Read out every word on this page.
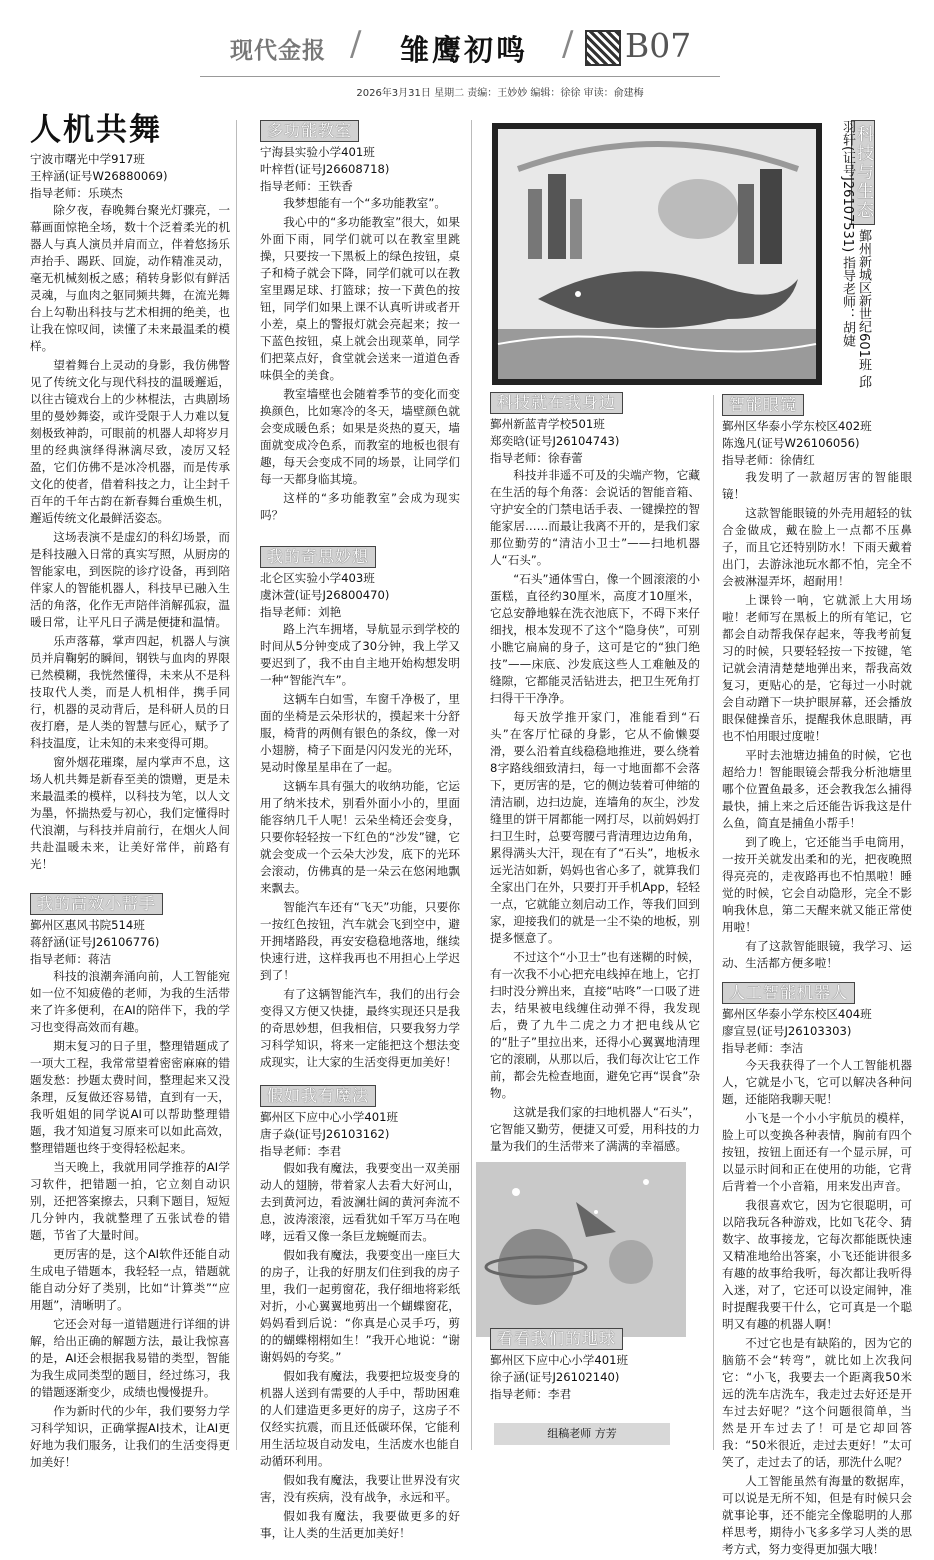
现代金报 / 雏鹰初鸣 / B07
2026年3月31日 星期二 责编：王妙妙 编辑：徐徐 审读：俞建梅
人机共舞
宁波市曙光中学917班
王梓涵(证号W26880069)
指导老师：乐瑛杰

除夕夜，春晚舞台聚光灯骤亮，一幕画面惊艳全场，数十个泛着柔光的机器人与真人演员并肩而立，伴着悠扬乐声抬手、踢跃、回旋，动作精准灵动，毫无机械刻板之感；稍转身影似有鲜活灵魂，与血肉之躯同频共舞，在流光舞台上勾勒出科技与艺术相拥的绝美，也让我在惊叹间，读懂了未来最温柔的模样。

望着舞台上灵动的身影，我仿佛瞥见了传统文化与现代科技的温暖邂逅，以往古镜戏台上的少林棍法，古典剧场里的曼妙舞姿，或许受限于人力难以复刻极致神韵，可眼前的机器人却将岁月里的经典演绎得淋漓尽致，凌厉又轻盈，它们仿佛不是冰冷机器，而是传承文化的使者，借着科技之力，让尘封千百年的千年古韵在新春舞台重焕生机，邂逅传统文化最鲜活姿态。

这场表演不是虚幻的科幻场景，而是科技融入日常的真实写照，从厨房的智能家电，到医院的诊疗设备，再到陪伴家人的智能机器人，科技早已融入生活的角落，化作无声陪伴消解孤寂，温暖日常，让平凡日子满是便捷和温情。

乐声落幕，掌声四起，机器人与演员并肩鞠躬的瞬间，钢铁与血肉的界限已然模糊，我恍然懂得，未来从不是科技取代人类，而是人机相伴，携手同行，机器的灵动背后，是科研人员的日夜打磨，是人类的智慧与匠心，赋予了科技温度，让未知的未来变得可期。

窗外烟花璀璨，屋内掌声不息，这场人机共舞是新春至美的馈赠，更是未来最温柔的模样，以科技为笔，以人文为墨，怀揣热爱与初心，我们定懂得时代浪潮，与科技并肩前行，在烟火人间共赴温暖未来，让美好常伴，前路有光！

我的高效小帮手
鄞州区惠风书院514班
蒋舒涵(证号J26106776)
指导老师：蒋洁

科技的浪潮奔涌向前，人工智能宛如一位不知疲倦的老师，为我的生活带来了许多便利，在AI的陪伴下，我的学习也变得高效而有趣。

期末复习的日子里，整理错题成了一项大工程，我常常望着密密麻麻的错题发愁：抄题太费时间，整理起来又没条理，反复做还容易错，直到有一天，我听姐姐的同学说AI可以帮助整理错题，我才知道复习原来可以如此高效，整理错题也终于变得轻松起来。

当天晚上，我就用同学推荐的AI学习软件，把错题一拍，它立刻自动识别，还把答案擦去，只剩下题目，短短几分钟内，我就整理了五张试卷的错题，节省了大量时间。

更厉害的是，这个AI软件还能自动生成电子错题本，我轻轻一点，错题就能自动分好了类别，比如“计算类”“应用题”，清晰明了。

它还会对每一道错题进行详细的讲解，给出正确的解题方法，最让我惊喜的是，AI还会根据我易错的类型，智能为我生成同类型的题目，经过练习，我的错题逐渐变少，成绩也慢慢提升。

作为新时代的少年，我们要努力学习科学知识，正确掌握AI技术，让AI更好地为我们服务，让我们的生活变得更加美好！

多功能教室
宁海县实验小学401班
叶梓哲(证号J26608718)
指导老师：王铁香

我梦想能有一个“多功能教室”。

我心中的“多功能教室”很大，如果外面下雨，同学们就可以在教室里跳操，只要按一下黑板上的绿色按钮，桌子和椅子就会下降，同学们就可以在教室里踢足球、打篮球；按一下黄色的按钮，同学们如果上课不认真听讲或者开小差，桌上的警报灯就会亮起来；按一下蓝色按钮，桌上就会出现菜单，同学们把菜点好，食堂就会送来一道道色香味俱全的美食。

教室墙壁也会随着季节的变化而变换颜色，比如寒冷的冬天，墙壁颜色就会变成暖色系；如果是炎热的夏天，墙面就变成冷色系，而教室的地板也很有趣，每天会变成不同的场景，让同学们每一天都身临其境。

这样的“多功能教室”会成为现实吗？

我的奇思妙想
北仑区实验小学403班
虞沐萱(证号J26800470)
指导老师：刘艳

路上汽车拥堵，导航显示到学校的时间从5分钟变成了30分钟，我上学又要迟到了，我不由自主地开始构想发明一种“智能汽车”。

这辆车白如雪，车窗千净极了，里面的坐椅是云朵形状的，摸起来十分舒服，椅背的两侧有银色的条纹，像一对小翅膀，椅子下面是闪闪发光的光环，晃动时像星星串在了一起。

这辆车具有强大的收纳功能，它运用了纳米技术，别看外面小小的，里面能容纳几千人呢！云朵坐椅还会变身，只要你轻轻按一下红色的“沙发”键，它就会变成一个云朵大沙发，底下的光环会滚动，仿佛真的是一朵云在悠闲地飘来飘去。

智能汽车还有“飞天”功能，只要你一按红色按钮，汽车就会飞到空中，避开拥堵路段，再安安稳稳地落地，继续快速行进，这样我再也不用担心上学迟到了！

有了这辆智能汽车，我们的出行会变得又方便又快捷，最终实现还只是我的奇思妙想，但我相信，只要我努力学习科学知识，将来一定能把这个想法变成现实，让大家的生活变得更加美好！

假如我有魔法
鄞州区下应中心小学401班
唐子焱(证号J26103162)
指导老师：李君

假如我有魔法，我要变出一双美丽动人的翅膀，带着家人去看大好河山，去到黄河边，看波澜壮阔的黄河奔流不息，波涛滚滚，远看犹如千军万马在咆哮，远看又像一条巨龙蜿蜒而去。

假如我有魔法，我要变出一座巨大的房子，让我的好朋友们住到我的房子里，我们一起剪窗花，我仔细地将彩纸对折，小心翼翼地剪出一个蝴蝶窗花，妈妈看到后说：“你真是心灵手巧，剪的的蝴蝶栩栩如生！”我开心地说：“谢谢妈妈的夸奖。”

假如我有魔法，我要把垃圾变身的机器人送到有需要的人手中，帮助困难的人们建造更多更好的房子，这房子不仅经实抗震，而且还低碳环保，它能利用生活垃圾自动发电，生活废水也能自动循环利用。

假如我有魔法，我要让世界没有灾害，没有疾病，没有战争，永远和平。

假如我有魔法，我要做更多的好事，让人类的生活更加美好！

科技与生态 鄞州新城区新世纪601班 邱羽轩(证号J26107531) 指导老师：胡婕
科技就在我身边
鄞州新蓝青学校501班
郑奕晗(证号J26104743)
指导老师：徐春蕾

科技并非遥不可及的尖端产物，它藏在生活的每个角落：会说话的智能音箱、守护安全的门禁电话手表、一键操控的智能家居……而最让我离不开的，是我们家那位勤劳的“清洁小卫士”——扫地机器人“石头”。

“石头”通体雪白，像一个圆滚滚的小蛋糕，直径约30厘米，高度才10厘米，它总安静地躲在洗衣池底下，不碍下来仔细找，根本发现不了这个“隐身侠”，可别小瞧它扁扁的身子，这可是它的“独门绝技”——床底、沙发底这些人工难触及的缝隙，它都能灵活钻进去，把卫生死角打扫得干干净净。

每天放学推开家门，准能看到“石头”在客厅忙碌的身影，它从不偷懒耍滑，要么沿着直线稳稳地推进，要么绕着8字路线细致清扫，每一寸地面都不会落下，更厉害的是，它的侧边装着可伸缩的清洁刷，边扫边旋，连墙角的灰尘，沙发缝里的饼干屑都能一网打尽，以前妈妈打扫卫生时，总要弯腰弓背清理边边角角，累得满头大汗，现在有了“石头”，地板永远光洁如新，妈妈也省心多了，就算我们全家出门在外，只要打开手机App，轻轻一点，它就能立刻启动工作，等我们回到家，迎接我们的就是一尘不染的地板，别提多惬意了。

不过这个“小卫士”也有迷糊的时候，有一次我不小心把充电线掉在地上，它打扫时没分辨出来，直接“咕咚”一口吸了进去，结果被电线缠住动弹不得，我发现后，费了九牛二虎之力才把电线从它的“肚子”里拉出来，还得小心翼翼地清理它的滚刷，从那以后，我们每次让它工作前，都会先检查地面，避免它再“误食”杂物。

这就是我们家的扫地机器人“石头”，它智能又勤劳，便捷又可爱，用科技的力量为我们的生活带来了满满的幸福感。

看看我们的地球
鄞州区下应中心小学401班
徐子涵(证号J26102140)
指导老师：李君
组稿老师 方芳
智能眼镜
鄞州区华泰小学东校区402班
陈逸凡(证号W26106056)
指导老师：徐倩红

我发明了一款超厉害的智能眼镜！

这款智能眼镜的外壳用超轻的钛合金做成，戴在脸上一点都不压鼻子，而且它还特别防水！下雨天戴着出门，去游泳池玩水都不怕，完全不会被淋湿弄坏，超耐用！

上课铃一响，它就派上大用场啦！老师写在黑板上的所有笔记，它都会自动帮我保存起来，等我考前复习的时候，只要轻轻按一下按键，笔记就会清清楚楚地弹出来，帮我高效复习，更贴心的是，它每过一小时就会自动蹭下一块护眼屏幕，还会播放眼保健操音乐，提醒我休息眼睛，再也不怕用眼过度啦！

平时去池塘边捕鱼的时候，它也超给力！智能眼镜会帮我分析池塘里哪个位置鱼最多，还会教我怎么捕得最快，捕上来之后还能告诉我这是什么鱼，简直是捕鱼小帮手！

到了晚上，它还能当手电筒用，一按开关就发出柔和的光，把夜晚照得亮亮的，走夜路再也不怕黑啦！睡觉的时候，它会自动隐形，完全不影响我休息，第二天醒来就又能正常使用啦！

有了这款智能眼镜，我学习、运动、生活都方便多啦！

人工智能机器人
鄞州区华泰小学东校区404班
廖宣昱(证号J26103303)
指导老师：李洁

今天我获得了一个人工智能机器人，它就是小飞，它可以解决各种问题，还能陪我聊天呢！

小飞是一个小小宇航员的模样，脸上可以变换各种表情，胸前有四个按钮，按钮上面还有一个显示屏，可以显示时间和正在使用的功能，它背后背着一个小音箱，用来发出声音。

我很喜欢它，因为它很聪明，可以陪我玩各种游戏，比如飞花令、猜数字、故事接龙，它每次都能既快速又精准地给出答案，小飞还能讲很多有趣的故事给我听，每次都让我听得入迷，对了，它还可以设定闹钟，准时提醒我要干什么，它可真是一个聪明又有趣的机器人啊！

不过它也是有缺陷的，因为它的脑筋不会“转弯”，就比如上次我问它：“小飞，我要去一个距离我50米远的洗车店洗车，我走过去好还是开车过去好呢？”这个问题很简单，当然是开车过去了！可是它却回答我：“50米很近，走过去更好！”太可笑了，走过去了的话，那洗什么呢？

人工智能虽然有海量的数据库，可以说是无所不知，但是有时候只会就事论事，还不能完全像聪明的人那样思考，期待小飞多多学习人类的思考方式，努力变得更加强大哦！
